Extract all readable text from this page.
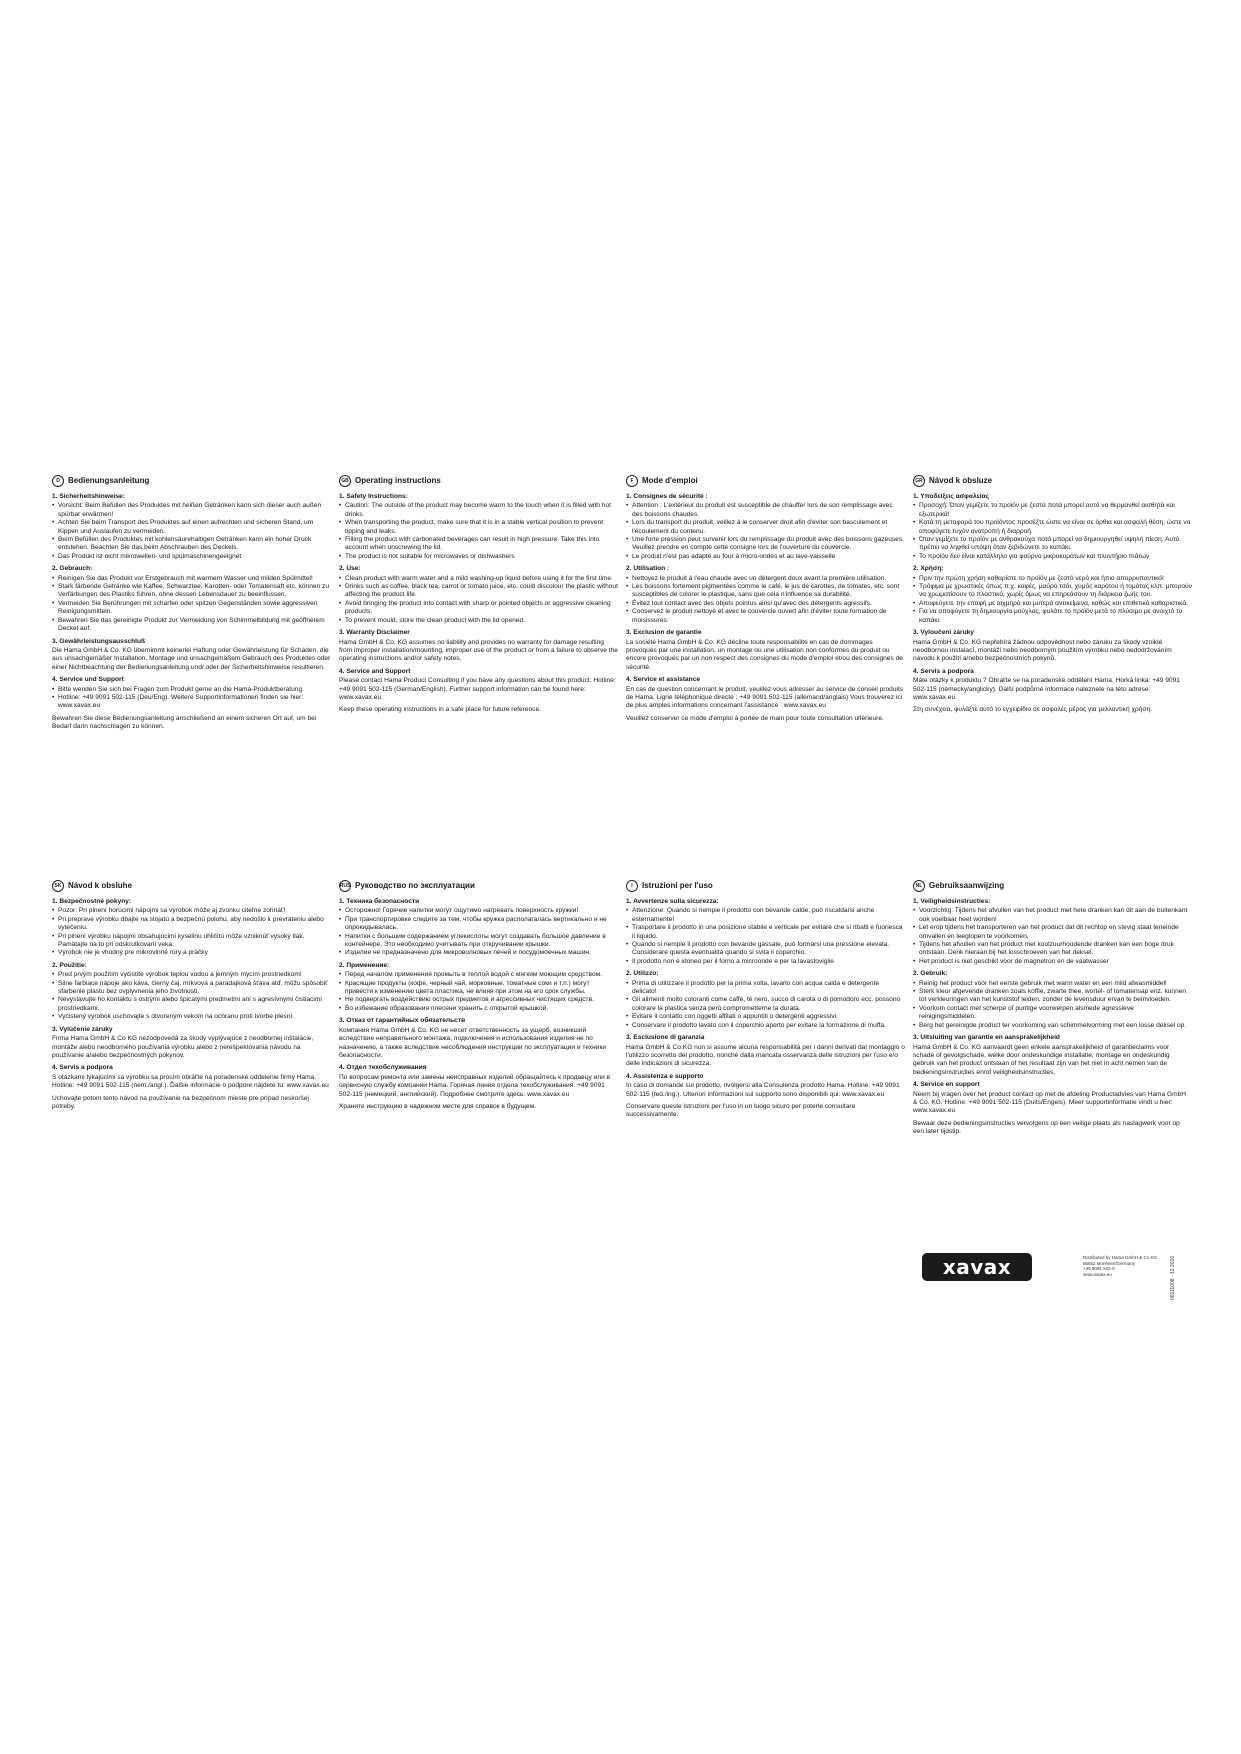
D	Bedienungsanleitung
1. Sicherheitshinweise:
• Vorsicht: Beim Befüllen des Produktes mit heißen Getränken kann sich dieser auch außen spürbar erwärmen!
• Achten Sie beim Transport des Produktes auf einen aufrechten und sicheren Stand, um Kippen und Auslaufen zu vermeiden.
• Beim Befüllen des Produktes mit kohlensäurehaltigen Getränken kann ein hoher Druck entstehen. Beachten Sie das beim Abschrauben des Deckels.
• Das Produkt ist nicht mikrowellen- und spülmaschinengeeignet
2. Gebrauch:
• Reinigen Sie das Produkt vor Erstgebrauch mit warmem Wasser und milden Spülmittel!
• Stark färbende Getränke wie Kaffee, Schwarztee, Karotten- oder Tomatensaft etc. können zu Verfärbungen des Plastiks führen, ohne dessen Lebensdauer zu beeinflussen.
• Vermeiden Sie Berührungen mit scharfen oder spitzen Gegenständen sowie aggressiven Reinigungsmitteln.
• Bewahren Sie das gereinigte Produkt zur Vermeidung von Schimmelbildung mit geöffnetem Deckel auf.
3. Gewährleistungsausschluß

Die Hama GmbH & Co. KG übernimmt keinerlei Haftung oder Gewährleistung für Schäden, die aus unsachgemäßer Installation, Montage und unsachgemäßem Gebrauch des Produktes oder einer Nichtbeachtung der Bedienungsanleitung und/ oder der Sicherheitshinweise resultieren.

4. Service und Support
• Bitte wenden Sie sich bei Fragen zum Produkt gerne an die Hama-Produktberatung.
• Hotline: +49 9091 502-115 (Deu/Eng). Weitere Supportinformationen finden sie hier: www.xavax.eu

Bewahren Sie diese Bedienungsanleitung anschließend an einem sicheren Ort auf, um bei Bedarf darin nachschlagen zu können.

GB Operating instructions
1. Safety Instructions:
• Caution: The outside of the product may become warm to the touch when it is filled with hot drinks.
• When transporting the product, make sure that it is in a stable vertical position to prevent tipping and leaks.
• Filling the product with carbonated beverages can result in high pressure. Take this into account when unscrewing the lid.
• The product is not suitable for microwaves or dishwashers
2. Use:
• Clean product with warm water and a mild washing-up liquid before using it for the first time.
• Drinks such as coffee, black tea, carrot or tomato juice, etc. could discolour the plastic without affecting the product life.
• Avoid bringing the product into contact with sharp or pointed objects or aggressive cleaning products.
• To prevent mould, store the clean product with the lid opened.
3. Warranty Disclaimer

Hama GmbH & Co. KG assumes no liability and provides no warranty for damage resulting from improper installation/mounting, improper use of the product or from a failure to observe the operating instructions and/or safety notes.

4. Service and Support

Please contact Hama Product Consulting if you have any questions about this product. Hotline: +49 9091 502-115 (German/English). Further support information can be found here: www.xavax.eu

Keep these operating instructions in a safe place for future reference.

F	Mode d'emploi
1. Consignes de sécurité :
• Attention : L'extérieur du produit est susceptible de chauffer lors de son remplissage avec des boissons chaudes.
• Lors du transport du produit, veillez à le conserver droit afin d'éviter son basculement et l'écoulement du contenu.
• Une forte pression peut survenir lors du remplissage du produit avec des boissons gazeuses. Veuillez prendre en compte cette consigne lors de l'ouverture du couvercle.
• Le produit n'est pas adapté au four à micro-ondes et au lave-vaisselle
2. Utilisation :
• Nettoyez le produit à l'eau chaude avec un détergent doux avant la première utilisation.
• Les boissons fortement pigmentées comme le café, le jus de carottes, de tomates, etc. sont susceptibles de colorer le plastique, sans que cela n'influence sa durabilité.
• Évitez tout contact avec des objets pointus ainsi qu'avec des détergents agressifs.
• Conservez le produit nettoyé et avec le couvercle ouvert afin d'éviter toute formation de moisissures.
3. Exclusion de garantie

La société Hama GmbH & Co. KG décline toute responsabilité en cas de dommages provoqués par une installation, un montage ou une utilisation non conformes du produit ou encore provoqués par un non respect des consignes du mode d'emploi et/ou des consignes de sécurité.

4. Service et assistance

En cas de question concernant le produit, veuillez vous adresser au service de conseil produits de Hama. Ligne téléphonique directe : +49 9091 502-115 (allemand/anglais) Vous trouverez ici de plus amples informations concernant l'assistance : www.xavax.eu

Veuillez conserver ce mode d'emploi à portée de main pour toute consultation ultérieure.

GR Návod k obsluze
1. Υποδείξεις ασφαλείας
• Προσοχή: Όταν γεμίζετε το προϊόν με ζεστά ποτά μπορεί αυτό να θερμανθεί αισθητά και εξωτερικά!
• Κατά τη μεταφορά του προϊόντος προσέξτε ώστε να είναι σε όρθια και ασφαλή θέση, ώστε να αποφύγετε τυχόν ανατροπή ή διαρροή.
• Όταν γεμίζετε το προϊόν με ανθρακούχα ποτά μπορεί να δημιουργηθεί υψηλή πίεση. Αυτό πρέπει να ληφθεί υπόψη όταν ξεβιδώνετε το καπάκι.
• Το προϊόν δεν είναι κατάλληλο για φούρνο μικροκυμάτων και πλυντήριο πιάτων
2. Χρήση:
• Πριν την πρώτη χρήση καθαρίστε το προϊόν με ζεστό νερό και ήπιο απορρυπαντικό!
• Τρόφιμα με χρωστικές όπως π.χ. καφές, μαύρο τσάι, χυμός καρότου ή τομάτας κλπ. μπορούν να χρωματίσουν το πλαστικό, χωρίς όμως να επηρεάσουν τη διάρκεια ζωής του.
• Αποφεύγετε την επαφή με αιχμηρά και μυτερά αντικείμενα, καθώς και επιθετικά καθαριστικά.
• Για να αποφύγετε τη δημιουργία μούχλας, φυλάτε το προϊόν μετά το πλύσιμο με ανοιχτό το καπάκι.
3. Vyloučení záruky

Hama GmbH & Co. KG nepřebírá žádnou odpovědnost nebo záruku za škody vzniklé neodbornou instalací, montáží nebo neodborným použitím výrobku nebo nedodržováním návodu k použití a/nebo bezpečnostních pokynů.

4. Servis a podpora

Máte otázky k produktu ? Obraťte se na poradenské oddělení Hama. Horká linka: +49 9091 502-115 (německy/anglicky). Další podpůrné informace naleznete na této adrese: www.xavax.eu

Στη συνέχεια, φυλάξτε αυτό το εγχειρίδιο σε ασφαλές μέρος για μελλοντική χρήση.

SK Návod k obsluhe
1. Bezpečnostné pokyny:
• Pozor: Pri plnení horúcimi nápojmi sa výrobok môže aj zvonku citeľne zohriať!
• Pri preprave výrobku dbajte na stojatú a bezpečnú polohu, aby nedošlo k prevráteniu alebo vytečeniu.
• Pri plnení výrobku nápojmi obsahujúcimi kyselinu uhličitú môže vzniknúť vysoký tlak. Pamätajte na to pri odskrutkovaní veka.
• Výrobok nie je vhodný pre mikrovlnné rúry a práčky
2. Použitie:
• Pred prvým použitím vyčistite výrobok teplou vodou a jemným mycím prostriedkom!
• Silne farbiace nápoje ako káva, čierny čaj, mrkvová a paradajková šťava atď. môžu spôsobiť sfarbenie plastu bez ovplyvnenia jeho životnosti.
• Nevystavujte ho kontaktu s ostrými alebo špicatými predmetmi ani s agresívnymi čistiacimi prostriedkami.
• Vyčistený výrobok uschovajte s otvoreným vekom na ochranu proti tvorbe plesní.
3. Vylúčenie záruky

Firma Hama GmbH & Co KG nezodpovedá za škody vyplývajúce z neodbornej inštalácie, montáže alebo neodborného používania výrobku alebo z nerešpektovania návodu na používanie a/alebo bezpečnostných pokynov.

4. Servis a podpora

S otázkami týkajúcimi sa výrobku sa prosím obráťte na poradenské oddelenie firmy Hama. Hotline: +49 9091 502-115 (nem./angl.). Ďalšie informácie o podpore nájdete tu: www.xavax.eu

Uchovajte potom tento návod na používanie na bezpečnom mieste pre prípad neskoršej potreby.

RUS Руководство по эксплуатации
1. Техника безопасности
• Осторожно! Горячие напитки могут ощутимо нагревать поверхность кружки!
• При транспортировке следите за тем, чтобы кружка располагалась вертикально и не опрокидывалась.
• Напитки с большим содержанием углекислоты могут создавать большое давление в контейнере. Это необходимо учитывать при откручивании крышки.
• Изделие не предназначено для микроволновых печей и посудомоечных машин.
2. Применение:
• Перед началом применения промыть в теплой водой с мягким моющим средством.
• Красящие продукты (кофе, черный чай, морковные, томатные соки и т.п.) могут привести к изменению цвета пластика, не влияя при этом на его срок службы.
• Не подвергать воздействию острых предметов и агрессивных чистящих средств.
• Во избежание образования плесени хранить с открытой крышкой.
3. Отказ от гарантийных обязательств

Компания Hama GmbH & Co. KG не несет ответственность за ущерб, возникший вследствие неправильного монтажа, подключения и использования изделия не по назначению, а также вследствие несоблюдения инструкции по эксплуатации и техники безопасности.

4. Отдел техобслуживания

По вопросам ремонта или замены неисправных изделий обращайтесь к продавцу или в сервисную службу компании Hama. Горячая линия отдела техобслуживания: +49 9091 502-115 (немецкий, английский). Подробнее смотрите здесь: www.xavax.eu

Храните инструкцию в надежном месте для справок в будущем.

I	Istruzioni per l'uso
1. Avvertenze sulla sicurezza:
• Attenzione: Quando si riempie il prodotto con bevande calde, può riscaldarsi anche esternamente!
• Trasportare il prodotto in una posizione stabile e verticale per evitare che si ribalti e fuoriesca il liquido.
• Quando si riempie il prodotto con bevande gassate, può formarsi una pressione elevata. Considerare questa eventualità quando si svita il coperchio.
• Il prodotto non è idoneo per il forno a microonde e per la lavastoviglie
2. Utilizzo:
• Prima di utilizzare il prodotto per la prima volta, lavarlo con acqua calda e detergente delicato!
• Gli alimenti molto coloranti come caffè, tè nero, succo di carota o di pomodoro ecc. possono colorare la plastica senza però comprometterne la durata.
• Evitare il contatto con oggetti affilati o appuntiti o detergenti aggressivi.
• Conservare il prodotto lavato con il coperchio aperto per evitare la formazione di muffa.
3. Esclusione di garanzia

Hama GmbH & Co.KG non si assume alcuna responsabilità per i danni derivati dal montaggio o l'utilizzo scorretto del prodotto, nonchè dalla mancata osservanza delle istruzioni per l'uso e/o delle indicazioni di sicurezza.

4. Assistenza e supporto

In caso di domande sul prodotto, rivolgersi alla Consulenza prodotto Hama. Hotline: +49 9091 502-115 (ted./ing.). Ulteriori informazioni sul supporto sono disponibili qui: www.xavax.eu

Conservare queste istruzioni per l'uso in un luogo sicuro per poterle consultare successivamente.

NL Gebruiksaanwijzing
1. Veiligheidsinstructies:
• Voorzichtig: Tijdens het afvullen van het product met hete dranken kan dit aan de buitenkant ook voelbaar heet worden!
• Let erop tijdens het transporteren van het product dat dit rechtop en stevig staat teneinde omvallen en leeglopen te voorkomen.
• Tijdens het afvullen van het product met koolzuurhoudende dranken kan een hoge druk ontstaan. Denk hieraan bij het losschroeven van het deksel.
• Het product is niet geschikt voor de magnetron en de vaatwasser
2. Gebruik:
• Reinig het product vóór het eerste gebruik met warm water en een mild afwasmiddel!
• Sterk kleur afgevende dranken zoals koffie, zwarte thee, wortel- of tomatensap enz. kunnen tot verkleuringen van het kunststof leiden, zonder de levensduur ervan te beïnvloeden.
• Voorkom contact met scherpe of puntige voorwerpen alsmede agressieve reinigingsmiddelen.
• Berg het gereinigde product ter voorkoming van schimmelvorming met een losse deksel op.
3. Uitsluiting van garantie en aansprakelijkheid

Hama GmbH & Co. KG aanvaardt geen enkele aansprakelijkheid of garantieclaims voor schade of gevolgschade, welke door ondeskundige installatie, montage en ondeskundig gebruik van het product ontstaan of het resultaat zijn van het niet in acht nemen van de bedieningsinstructies en/of veiligheidsinstructies.

4. Service en support

Neem bij vragen over het product contact op met de afdeling Productadvies van Hama GmbH & Co. KG. Hotline: +49 9091 502-115 (Duits/Engels). Meer supportinformatie vindt u hier: www.xavax.eu

Bewaar deze bedieningsinstructies vervolgens op een veilige plaats als naslagwerk voor op een later tijdstip.

xavax	Distributed by Hama GmbH & Co KG
86652 Monheim/Germany
+49 9091 502-0
www.xavax.eu	00111008 - 12.2016
